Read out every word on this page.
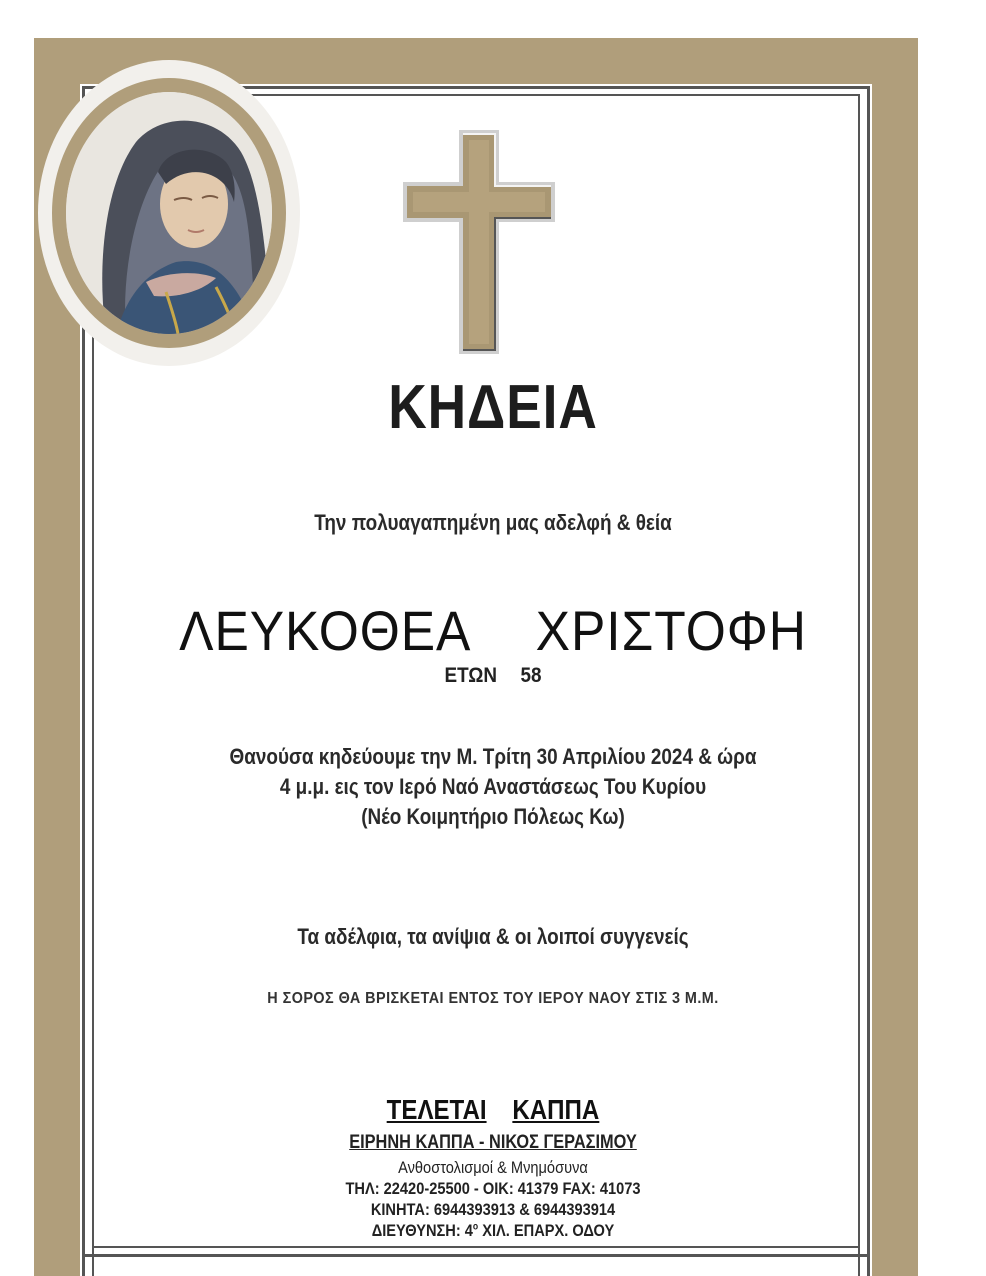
ΚΗΔΕΙΑ
Την πολυαγαπημένη μας αδελφή & θεία
ΛΕΥΚΟΘΕΑ ΧΡΙΣΤΟΦΗ
ΕΤΩΝ 58
Θανούσα κηδεύουμε την Μ. Τρίτη 30 Απριλίου 2024 & ώρα
4 μ.μ. εις τον Ιερό Ναό Αναστάσεως Του Κυρίου
(Νέο Κοιμητήριο Πόλεως Κω)
Τα αδέλφια, τα ανίψια & οι λοιποί συγγενείς
Η ΣΟΡΟΣ ΘΑ ΒΡΙΣΚΕΤΑΙ ΕΝΤΟΣ ΤΟΥ ΙΕΡΟΥ ΝΑΟΥ ΣΤΙΣ 3 Μ.Μ.
ΤΕΛΕΤΑΙ ΚΑΠΠΑ
ΕΙΡΗΝΗ ΚΑΠΠΑ - ΝΙΚΟΣ ΓΕΡΑΣΙΜΟΥ
Ανθοστολισμοί & Μνημόσυνα
ΤΗΛ: 22420-25500 - ΟΙΚ: 41379 FAX: 41073
ΚΙΝΗΤΑ: 6944393913 & 6944393914
ΔΙΕΥΘΥΝΣΗ: $4^o$ ΧΙΛ. ΕΠΑΡΧ. ΟΔΟΥ
